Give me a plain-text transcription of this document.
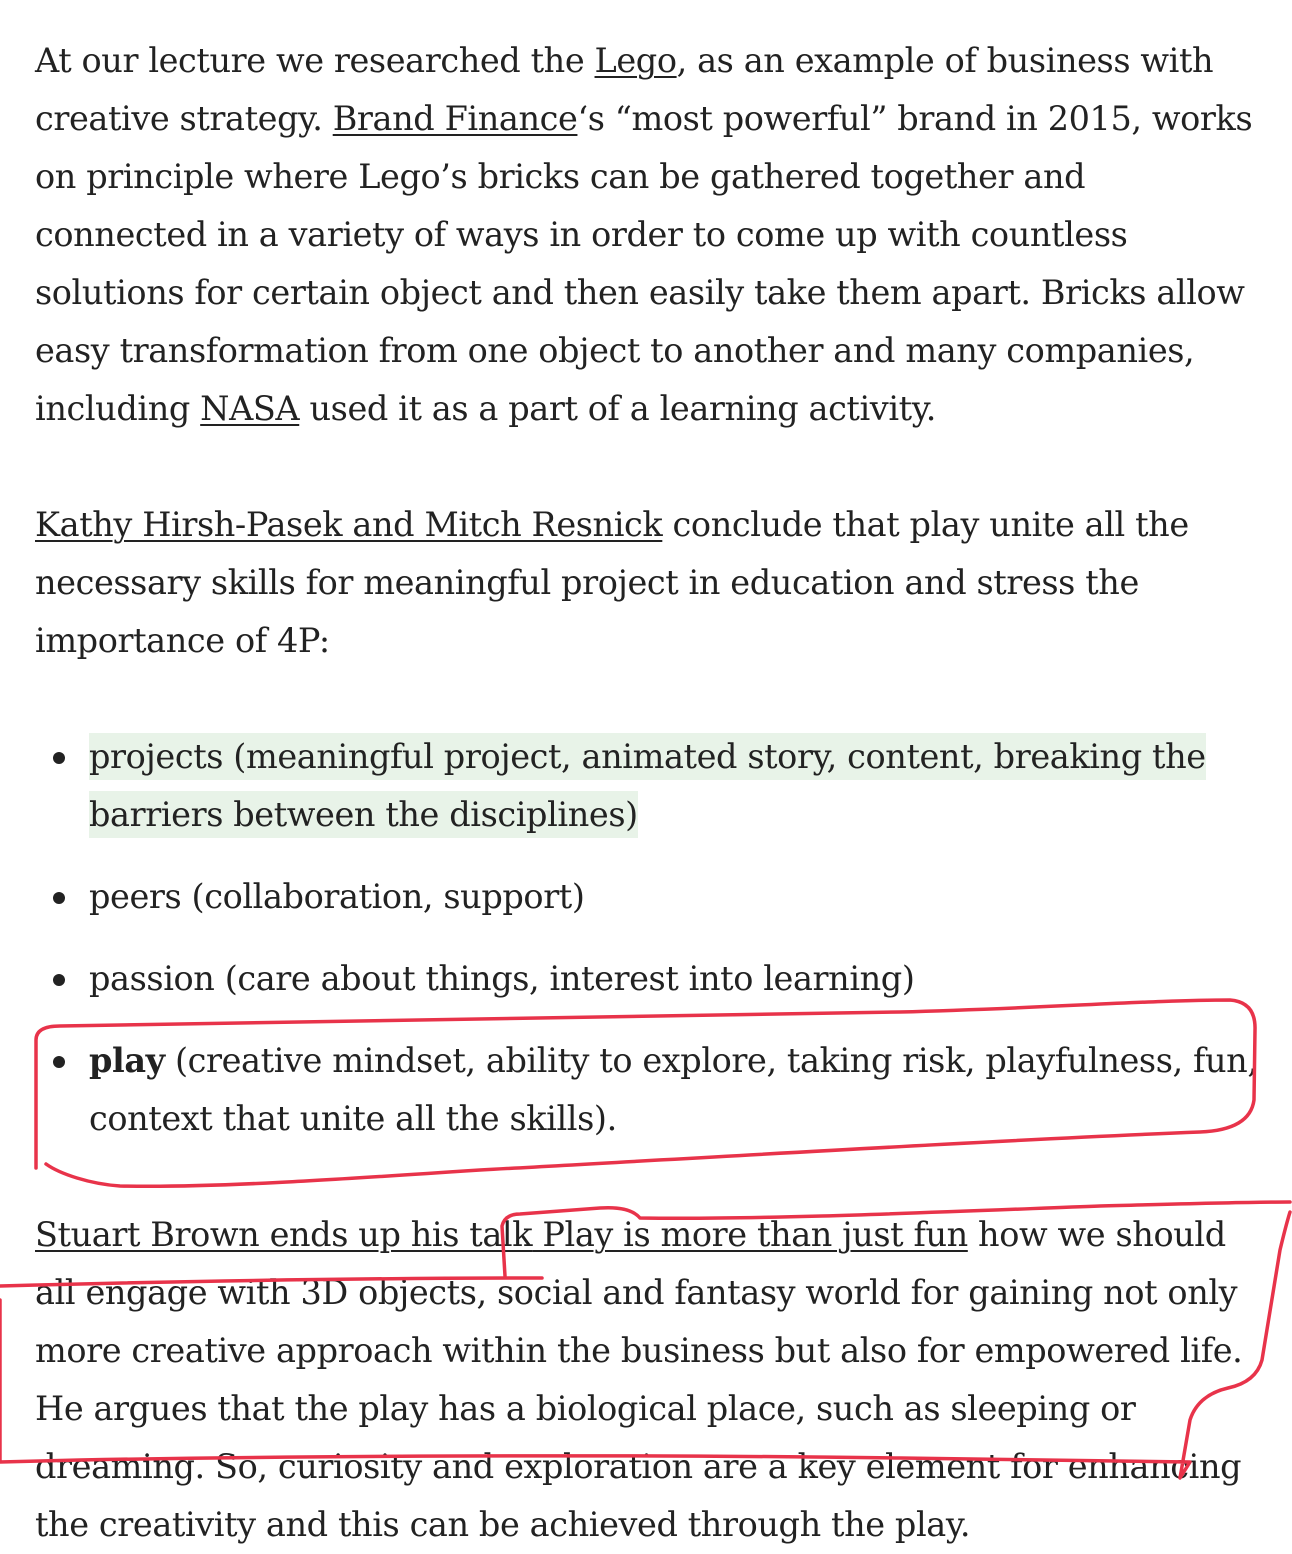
At our lecture we researched the Lego, as an example of business with creative strategy. Brand Finance‘s “most powerful” brand in 2015, works on principle where Lego’s bricks can be gathered together and connected in a variety of ways in order to come up with countless solutions for certain object and then easily take them apart. Bricks allow easy transformation from one object to another and many companies, including NASA used it as a part of a learning activity.

Kathy Hirsh-Pasek and Mitch Resnick conclude that play unite all the necessary skills for meaningful project in education and stress the importance of 4P:

projects (meaningful project, animated story, content, breaking the barriers between the disciplines)
peers (collaboration, support)
passion (care about things, interest into learning)
play (creative mindset, ability to explore, taking risk, playfulness, fun, context that unite all the skills).

Stuart Brown ends up his talk Play is more than just fun how we should all engage with 3D objects, social and fantasy world for gaining not only more creative approach within the business but also for empowered life. He argues that the play has a biological place, such as sleeping or dreaming. So, curiosity and exploration are a key element for enhancing the creativity and this can be achieved through the play.
